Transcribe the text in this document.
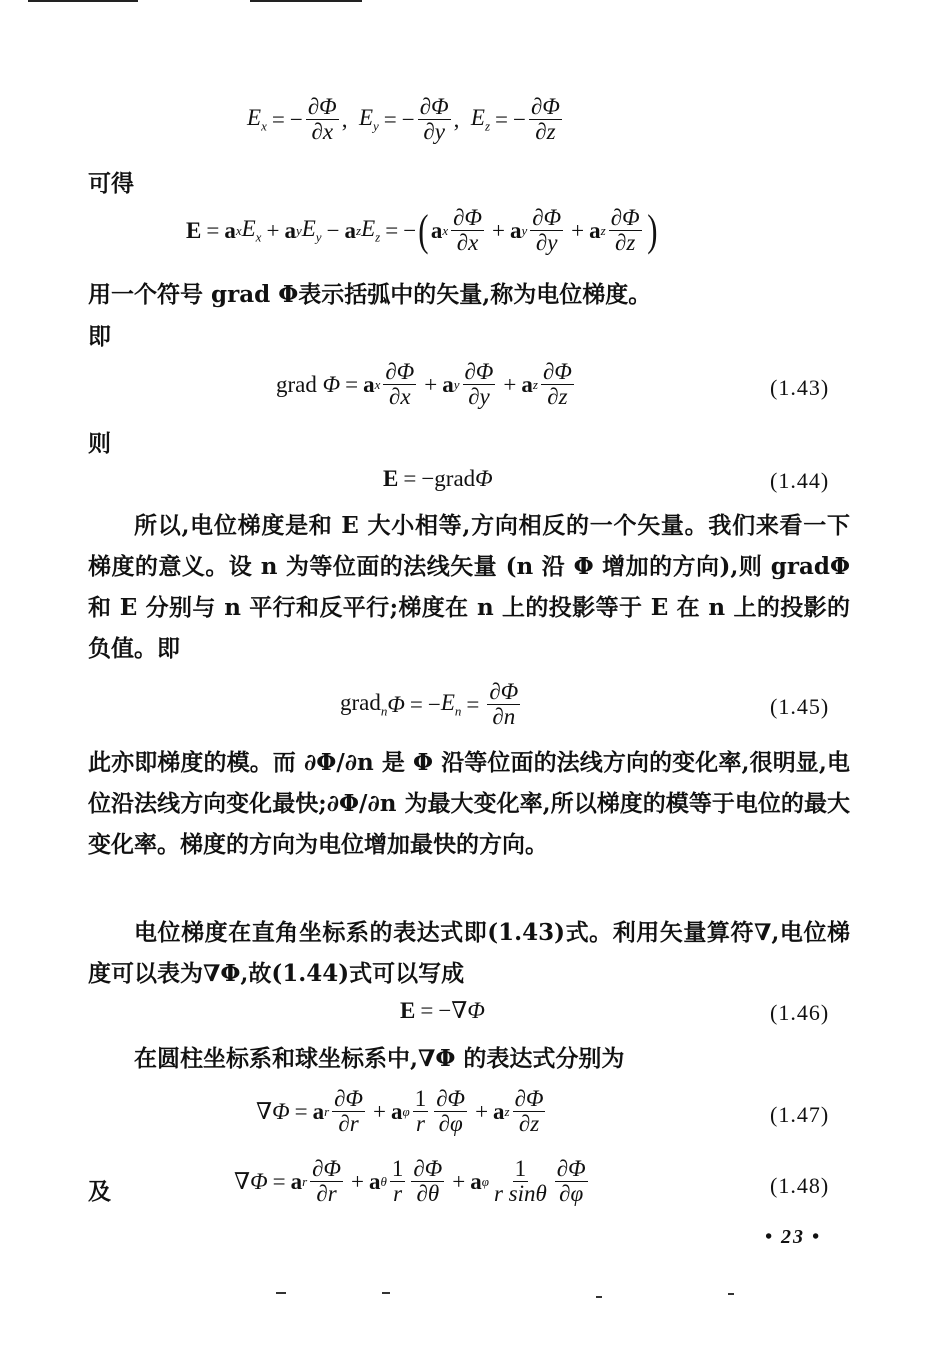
$E_x$ = − $\frac{\partial\Phi}{\partial x}$ , $E_y$ = − $\frac{\partial\Phi}{\partial y}$ , $E_z$ = − $\frac{\partial\Phi}{\partial z}$
可得
E = a x $E_x + a$ y $E_y - a$ z $E_z$ = − ( a x $\frac{\partial\Phi}{\partial x} + a$ y $\frac{\partial\Phi}{\partial y} + a$ z $\frac{\partial\Phi}{\partial z}$ )
用一个符号 grad Φ表示括弧中的矢量,称为电位梯度。
即
grad
Φ = a x $\frac{\partial\Phi}{\partial x} + a$ y $\frac{\partial\Phi}{\partial y} + a$ z $\frac{\partial\Phi}{\partial z}$	(1.43)
则
E = −grad Φ	(1.44)
所以,电位梯度是和 E 大小相等,方向相反的一个矢量。我们来看一下梯度的意义。设 n 为等位面的法线矢量 (n 沿 Φ 增加的方向),则 gradΦ 和 E 分别与 n 平行和反平行;梯度在 n 上的投影等于 E 在 n 上的投影的负值。即
grad$_n$ Φ = − $E_n = \frac{\partial\Phi}{\partial n}$	(1.45)
此亦即梯度的模。而 ∂Φ/∂n 是 Φ 沿等位面的法线方向的变化率,很明显,电位沿法线方向变化最快;∂Φ/∂n 为最大变化率,所以梯度的模等于电位的最大变化率。梯度的方向为电位增加最快的方向。
电位梯度在直角坐标系的表达式即(1.43)式。利用矢量算符∇,电位梯度可以表为∇Φ,故(1.44)式可以写成
E = −∇ Φ	(1.46)
在圆柱坐标系和球坐标系中,∇Φ 的表达式分别为
∇ Φ = a r $\frac{\partial\Phi}{\partial r} + a$ φ $\frac{1}{r} \frac{\partial\Phi}{\partial\varphi} + a$ z $\frac{\partial\Phi}{\partial z}$	(1.47)
及	∇ Φ = a r $\frac{\partial\Phi}{\partial r} + a$ θ $\frac{1}{r} \frac{\partial\Phi}{\partial\theta} + a$ φ $\frac{1}{\text{r sinθ}} \frac{\partial\Phi}{\partial\varphi}$	(1.48)
• 23 •
